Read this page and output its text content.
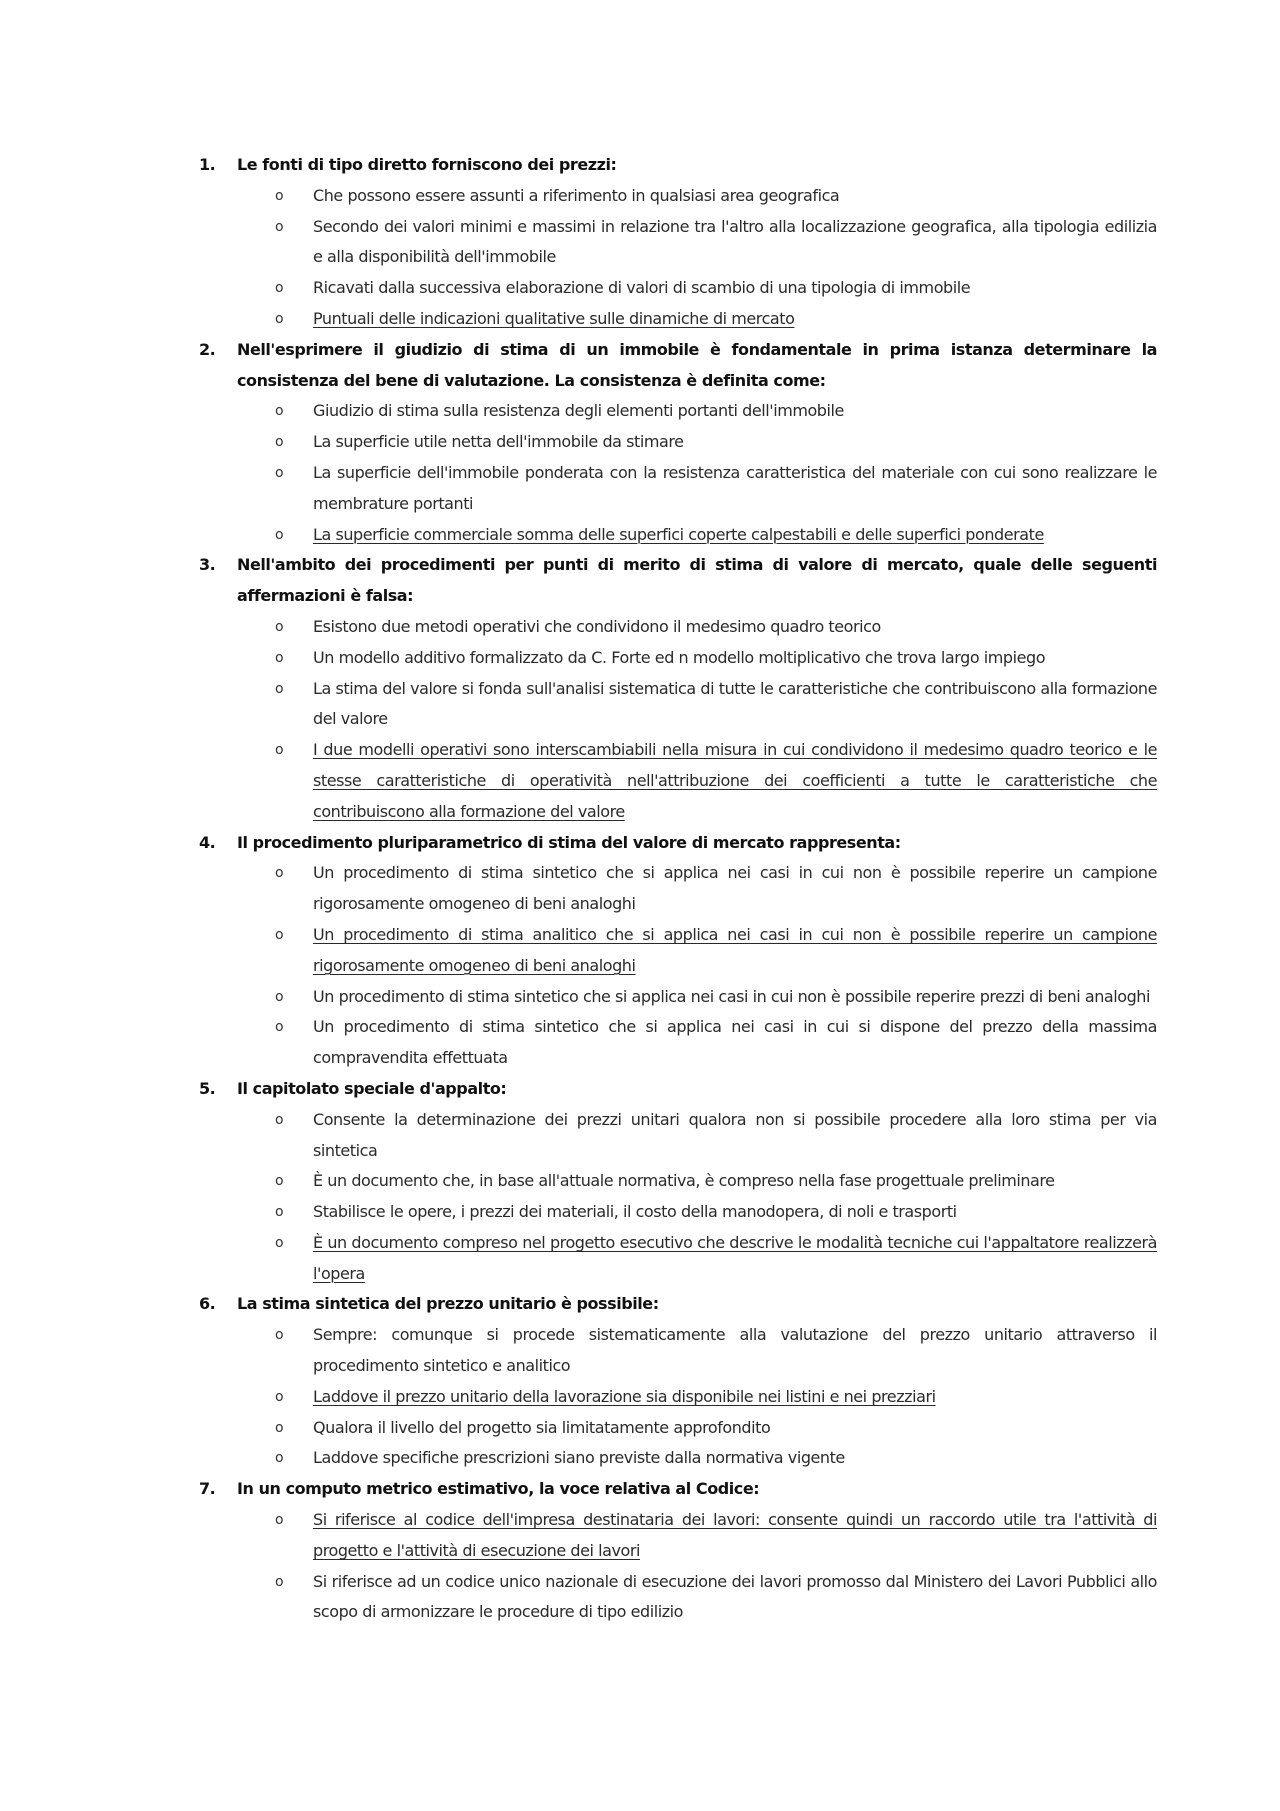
1.	Le fonti di tipo diretto forniscono dei prezzi:
o Che possono essere assunti a riferimento in qualsiasi area geografica
o Secondo dei valori minimi e massimi in relazione tra l'altro alla localizzazione geografica, alla tipologia edilizia e alla disponibilità dell'immobile
o Ricavati dalla successiva elaborazione di valori di scambio di una tipologia di immobile
o Puntuali delle indicazioni qualitative sulle dinamiche di mercato
2.	Nell'esprimere il giudizio di stima di un immobile è fondamentale in prima istanza determinare la consistenza del bene di valutazione. La consistenza è definita come:
o Giudizio di stima sulla resistenza degli elementi portanti dell'immobile
o La superficie utile netta dell'immobile da stimare
o La superficie dell'immobile ponderata con la resistenza caratteristica del materiale con cui sono realizzare le membrature portanti
o La superficie commerciale somma delle superfici coperte calpestabili e delle superfici ponderate
3.	Nell'ambito dei procedimenti per punti di merito di stima di valore di mercato, quale delle seguenti affermazioni è falsa:
o Esistono due metodi operativi che condividono il medesimo quadro teorico
o Un modello additivo formalizzato da C. Forte ed n modello moltiplicativo che trova largo impiego
o La stima del valore si fonda sull'analisi sistematica di tutte le caratteristiche che contribuiscono alla formazione del valore
o I due modelli operativi sono interscambiabili nella misura in cui condividono il medesimo quadro teorico e le stesse caratteristiche di operatività nell'attribuzione dei coefficienti a tutte le caratteristiche che contribuiscono alla formazione del valore
4.	Il procedimento pluriparametrico di stima del valore di mercato rappresenta:
o Un procedimento di stima sintetico che si applica nei casi in cui non è possibile reperire un campione rigorosamente omogeneo di beni analoghi
o Un procedimento di stima analitico che si applica nei casi in cui non è possibile reperire un campione rigorosamente omogeneo di beni analoghi
o Un procedimento di stima sintetico che si applica nei casi in cui non è possibile reperire prezzi di beni analoghi
o Un procedimento di stima sintetico che si applica nei casi in cui si dispone del prezzo della massima compravendita effettuata
5.	Il capitolato speciale d'appalto:
o Consente la determinazione dei prezzi unitari qualora non si possibile procedere alla loro stima per via sintetica
o È un documento che, in base all'attuale normativa, è compreso nella fase progettuale preliminare
o Stabilisce le opere, i prezzi dei materiali, il costo della manodopera, di noli e trasporti
o È un documento compreso nel progetto esecutivo che descrive le modalità tecniche cui l'appaltatore realizzerà l'opera
6.	La stima sintetica del prezzo unitario è possibile:
o Sempre: comunque si procede sistematicamente alla valutazione del prezzo unitario attraverso il procedimento sintetico e analitico
o Laddove il prezzo unitario della lavorazione sia disponibile nei listini e nei prezziari
o Qualora il livello del progetto sia limitatamente approfondito
o Laddove specifiche prescrizioni siano previste dalla normativa vigente
7.	In un computo metrico estimativo, la voce relativa al Codice:
o Si riferisce al codice dell'impresa destinataria dei lavori: consente quindi un raccordo utile tra l'attività di progetto e l'attività di esecuzione dei lavori
o Si riferisce ad un codice unico nazionale di esecuzione dei lavori promosso dal Ministero dei Lavori Pubblici allo scopo di armonizzare le procedure di tipo edilizio
